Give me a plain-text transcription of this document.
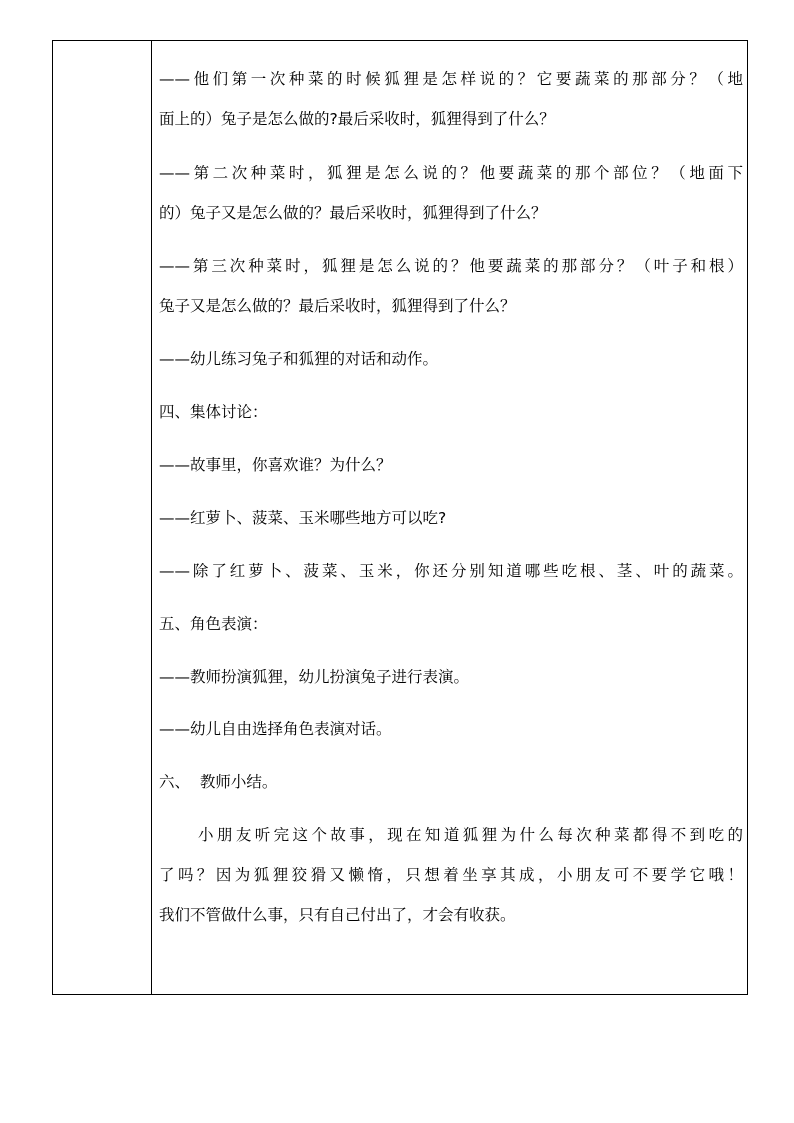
——他们第一次种菜的时候狐狸是怎样说的？它要蔬菜的那部分？（地
面上的）兔子是怎么做的?最后采收时，狐狸得到了什么？
——第二次种菜时，狐狸是怎么说的？他要蔬菜的那个部位？（地面下
的）兔子又是怎么做的？最后采收时，狐狸得到了什么？
——第三次种菜时，狐狸是怎么说的？他要蔬菜的那部分？（叶子和根）
兔子又是怎么做的？最后采收时，狐狸得到了什么？
——幼儿练习兔子和狐狸的对话和动作。
四、集体讨论：
——故事里，你喜欢谁？为什么？
——红萝卜、菠菜、玉米哪些地方可以吃?
——除了红萝卜、菠菜、玉米，你还分别知道哪些吃根、茎、叶的蔬菜。
五、角色表演：
——教师扮演狐狸，幼儿扮演兔子进行表演。
——幼儿自由选择角色表演对话。
六、  教师小结。
小朋友听完这个故事，现在知道狐狸为什么每次种菜都得不到吃的
了吗？因为狐狸狡猾又懒惰，只想着坐享其成，小朋友可不要学它哦！
我们不管做什么事，只有自己付出了，才会有收获。
